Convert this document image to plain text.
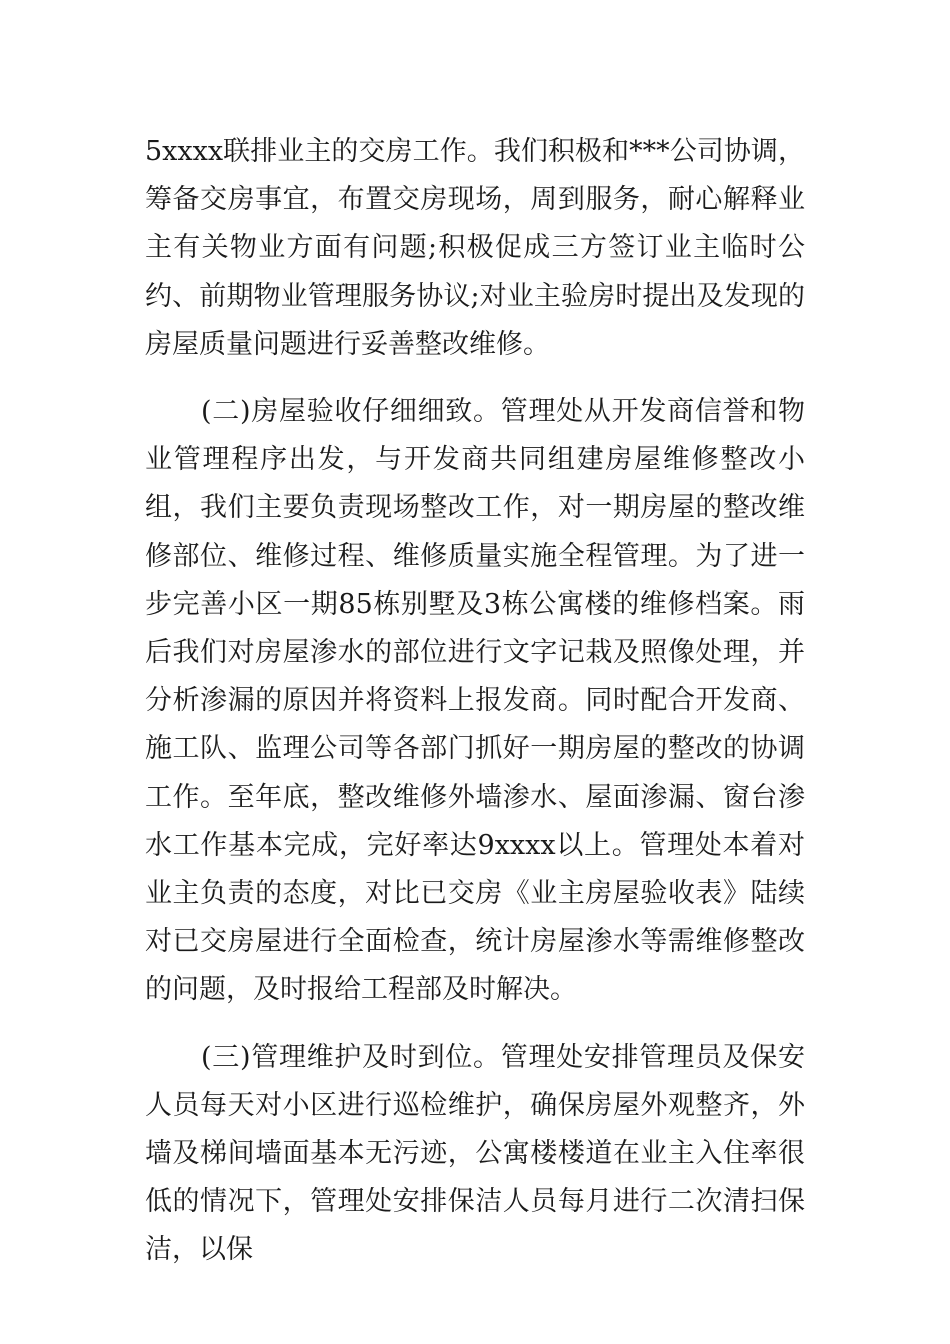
5xxxx联排业主的交房工作。我们积极和***公司协调，筹备交房事宜，布置交房现场，周到服务，耐心解释业主有关物业方面有问题;积极促成三方签订业主临时公约、前期物业管理服务协议;对业主验房时提出及发现的房屋质量问题进行妥善整改维修。

(二)房屋验收仔细细致。管理处从开发商信誉和物业管理程序出发，与开发商共同组建房屋维修整改小组，我们主要负责现场整改工作，对一期房屋的整改维修部位、维修过程、维修质量实施全程管理。为了进一步完善小区一期85栋别墅及3栋公寓楼的维修档案。雨后我们对房屋渗水的部位进行文字记栽及照像处理，并分析渗漏的原因并将资料上报发商。同时配合开发商、施工队、监理公司等各部门抓好一期房屋的整改的协调工作。至年底，整改维修外墙渗水、屋面渗漏、窗台渗水工作基本完成，完好率达9xxxx以上。管理处本着对业主负责的态度，对比已交房《业主房屋验收表》陆续对已交房屋进行全面检查，统计房屋渗水等需维修整改的问题，及时报给工程部及时解决。

(三)管理维护及时到位。管理处安排管理员及保安人员每天对小区进行巡检维护，确保房屋外观整齐，外墙及梯间墙面基本无污迹，公寓楼楼道在业主入住率很低的情况下，管理处安排保洁人员每月进行二次清扫保洁，以保
